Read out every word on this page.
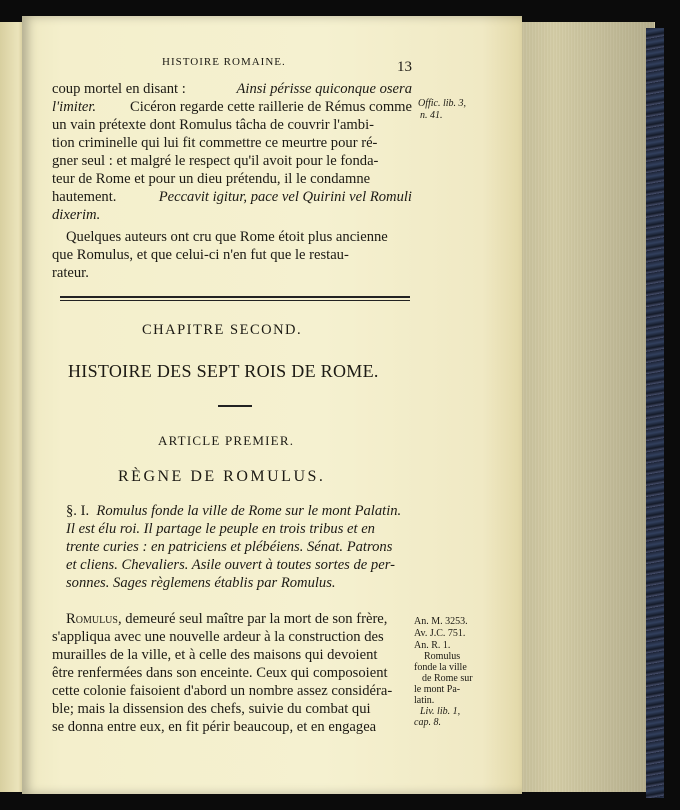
HISTOIRE ROMAINE.	13
coup mortel en disant :	Ainsi périsse quiconque osera
l'imiter. Cicéron regarde cette raillerie de Rémus comme
un vain prétexte dont Romulus tâcha de couvrir l'ambi-
tion criminelle qui lui fit commettre ce meurtre pour ré-
gner seul : et malgré le respect qu'il avoit pour le fonda-
teur de Rome et pour un dieu prétendu, il le condamne
hautement.	Peccavit igitur, pace vel Quirini vel Romuli
dixerim.
Offic. lib. 3,
n. 41.
Quelques auteurs ont cru que Rome étoit plus ancienne
que Romulus, et que celui-ci n'en fut que le restau-
rateur.
CHAPITRE SECOND.
HISTOIRE DES SEPT ROIS DE ROME.
ARTICLE PREMIER.
RÈGNE DE ROMULUS.
§. I. Romulus fonde la ville de Rome sur le mont Palatin.
Il est élu roi. Il partage le peuple en trois tribus et en
trente curies : en patriciens et plébéiens. Sénat. Patrons
et cliens. Chevaliers. Asile ouvert à toutes sortes de per-
sonnes. Sages règlemens établis par Romulus.
Romulus, demeuré seul maître par la mort de son frère,
s'appliqua avec une nouvelle ardeur à la construction des
murailles de la ville, et à celle des maisons qui devoient
être renfermées dans son enceinte. Ceux qui composoient
cette colonie faisoient d'abord un nombre assez considéra-
ble; mais la dissension des chefs, suivie du combat qui
se donna entre eux, en fit périr beaucoup, et en engagea
An. M. 3253.
Av. J.C. 751.
An. R. 1.
Romulus
fonde la ville
de Rome sur
le mont Pa-
latin.
Liv. lib. 1,
cap. 8.
